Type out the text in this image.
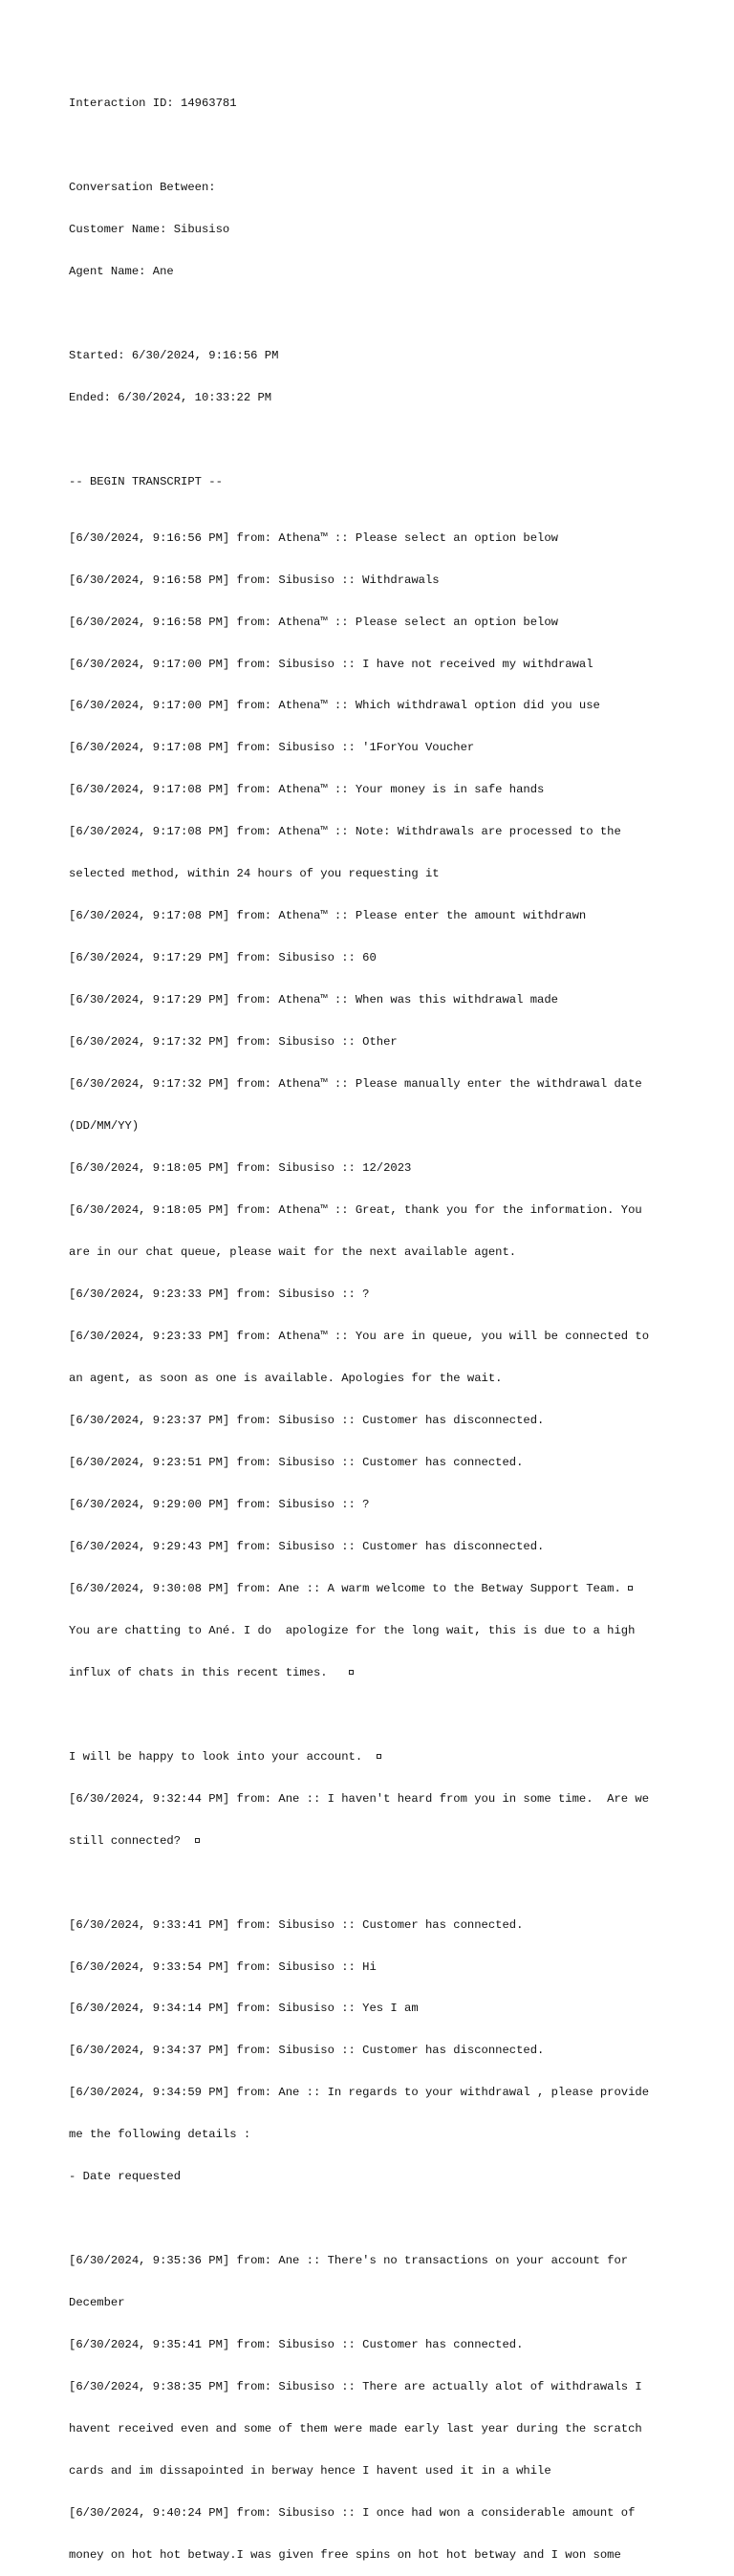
Interaction ID: 14963781

Conversation Between:

Customer Name: Sibusiso

Agent Name: Ane

Started: 6/30/2024, 9:16:56 PM

Ended: 6/30/2024, 10:33:22 PM

-- BEGIN TRANSCRIPT --

[6/30/2024, 9:16:56 PM] from: Athena™ :: Please select an option below

[6/30/2024, 9:16:58 PM] from: Sibusiso :: Withdrawals

[6/30/2024, 9:16:58 PM] from: Athena™ :: Please select an option below

[6/30/2024, 9:17:00 PM] from: Sibusiso :: I have not received my withdrawal

[6/30/2024, 9:17:00 PM] from: Athena™ :: Which withdrawal option did you use

[6/30/2024, 9:17:08 PM] from: Sibusiso :: '1ForYou Voucher

[6/30/2024, 9:17:08 PM] from: Athena™ :: Your money is in safe hands

[6/30/2024, 9:17:08 PM] from: Athena™ :: Note: Withdrawals are processed to the

selected method, within 24 hours of you requesting it

[6/30/2024, 9:17:08 PM] from: Athena™ :: Please enter the amount withdrawn

[6/30/2024, 9:17:29 PM] from: Sibusiso :: 60

[6/30/2024, 9:17:29 PM] from: Athena™ :: When was this withdrawal made

[6/30/2024, 9:17:32 PM] from: Sibusiso :: Other

[6/30/2024, 9:17:32 PM] from: Athena™ :: Please manually enter the withdrawal date

(DD/MM/YY)

[6/30/2024, 9:18:05 PM] from: Sibusiso :: 12/2023

[6/30/2024, 9:18:05 PM] from: Athena™ :: Great, thank you for the information. You

are in our chat queue, please wait for the next available agent.

[6/30/2024, 9:23:33 PM] from: Sibusiso :: ?

[6/30/2024, 9:23:33 PM] from: Athena™ :: You are in queue, you will be connected to

an agent, as soon as one is available. Apologies for the wait.

[6/30/2024, 9:23:37 PM] from: Sibusiso :: Customer has disconnected.

[6/30/2024, 9:23:51 PM] from: Sibusiso :: Customer has connected.

[6/30/2024, 9:29:00 PM] from: Sibusiso :: ?

[6/30/2024, 9:29:43 PM] from: Sibusiso :: Customer has disconnected.

[6/30/2024, 9:30:08 PM] from: Ane :: A warm welcome to the Betway Support Team.

You are chatting to Ané. I do  apologize for the long wait, this is due to a high

influx of chats in this recent times.

I will be happy to look into your account.

[6/30/2024, 9:32:44 PM] from: Ane :: I haven't heard from you in some time.  Are we

still connected?

[6/30/2024, 9:33:41 PM] from: Sibusiso :: Customer has connected.

[6/30/2024, 9:33:54 PM] from: Sibusiso :: Hi

[6/30/2024, 9:34:14 PM] from: Sibusiso :: Yes I am

[6/30/2024, 9:34:37 PM] from: Sibusiso :: Customer has disconnected.

[6/30/2024, 9:34:59 PM] from: Ane :: In regards to your withdrawal , please provide

me the following details :

- Date requested

[6/30/2024, 9:35:36 PM] from: Ane :: There's no transactions on your account for

December

[6/30/2024, 9:35:41 PM] from: Sibusiso :: Customer has connected.

[6/30/2024, 9:38:35 PM] from: Sibusiso :: There are actually alot of withdrawals I

havent received even and some of them were made early last year during the scratch

cards and im dissapointed in berway hence I havent used it in a while

[6/30/2024, 9:40:24 PM] from: Sibusiso :: I once had won a considerable amount of

money on hot hot betway.I was given free spins on hot hot betway and I won some
